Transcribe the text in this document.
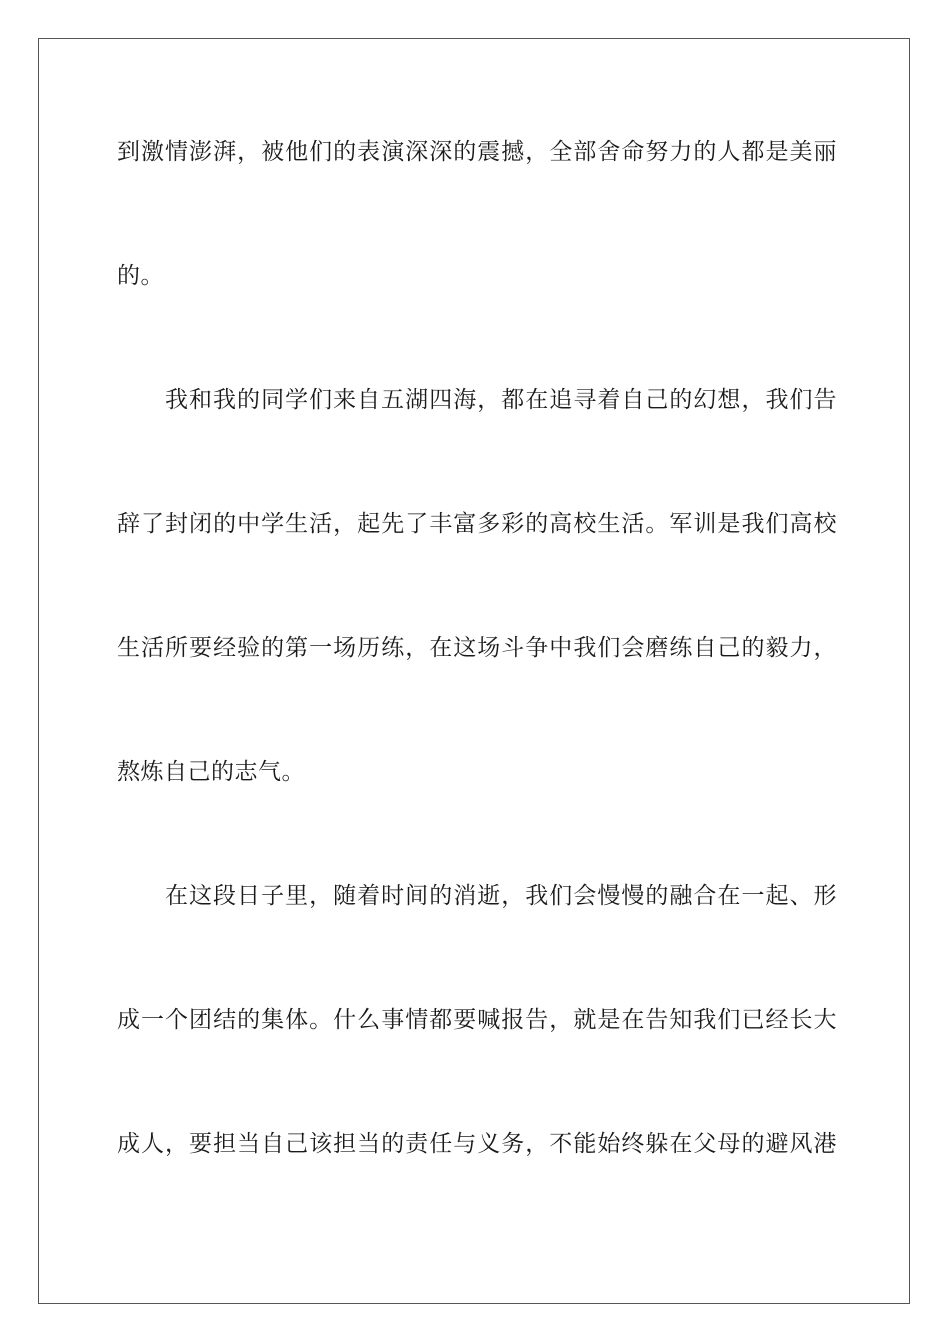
到激情澎湃，被他们的表演深深的震撼，全部舍命努力的人都是美丽
的。
我和我的同学们来自五湖四海，都在追寻着自己的幻想，我们告
辞了封闭的中学生活，起先了丰富多彩的高校生活。军训是我们高校
生活所要经验的第一场历练，在这场斗争中我们会磨练自己的毅力，
熬炼自己的志气。
在这段日子里，随着时间的消逝，我们会慢慢的融合在一起、形
成一个团结的集体。什么事情都要喊报告，就是在告知我们已经长大
成人，要担当自己该担当的责任与义务，不能始终躲在父母的避风港
